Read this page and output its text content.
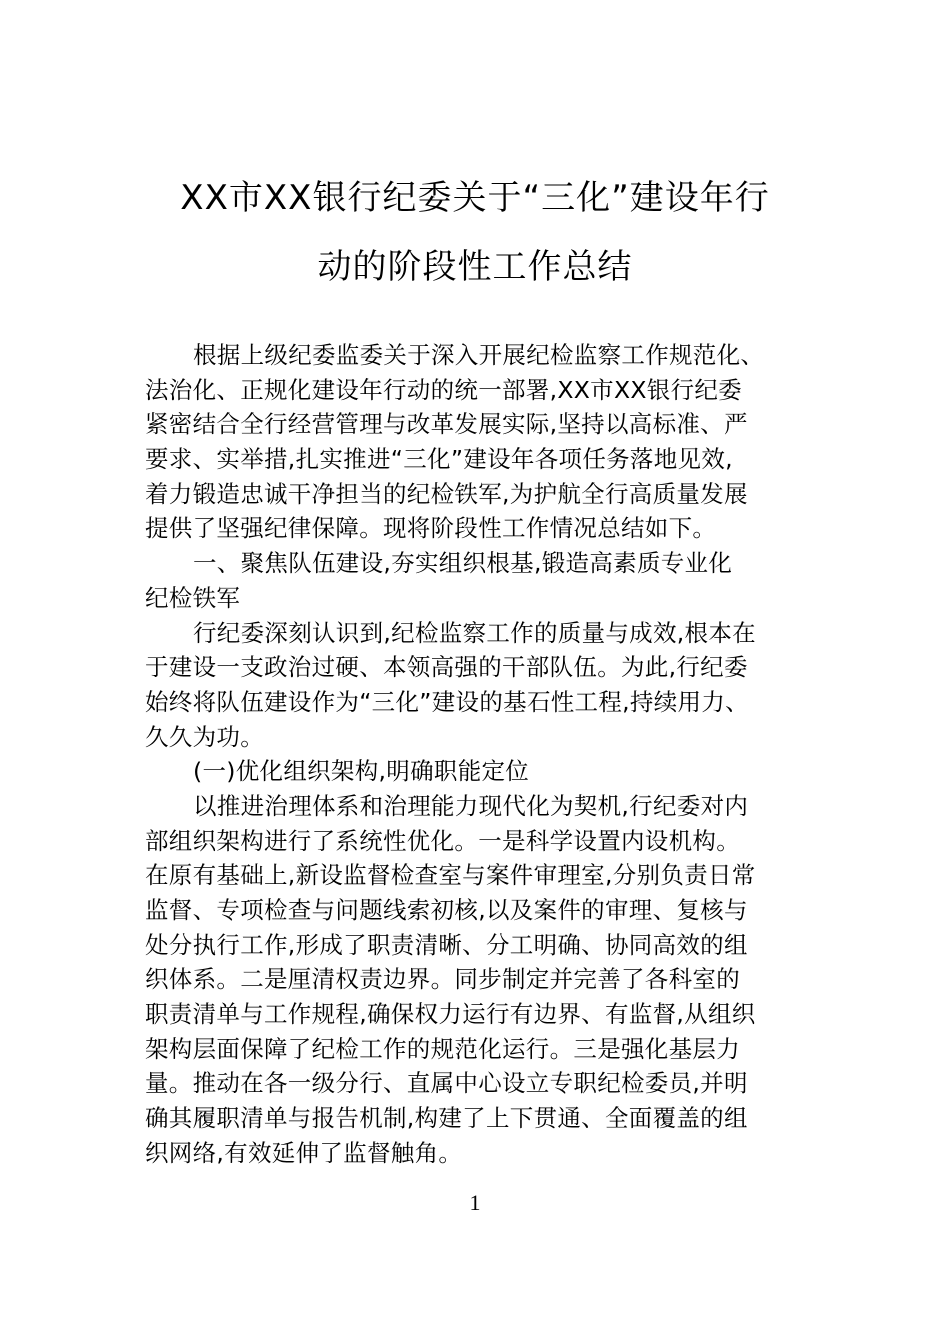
XX市XX银行纪委关于“三化”建设年行
动的阶段性工作总结
根据上级纪委监委关于深入开展纪检监察工作规范化、
法治化、正规化建设年行动的统一部署,XX市XX银行纪委
紧密结合全行经营管理与改革发展实际,坚持以高标准、严
要求、实举措,扎实推进“三化”建设年各项任务落地见效,
着力锻造忠诚干净担当的纪检铁军,为护航全行高质量发展
提供了坚强纪律保障。现将阶段性工作情况总结如下。
一、聚焦队伍建设,夯实组织根基,锻造高素质专业化
纪检铁军
行纪委深刻认识到,纪检监察工作的质量与成效,根本在
于建设一支政治过硬、本领高强的干部队伍。为此,行纪委
始终将队伍建设作为“三化”建设的基石性工程,持续用力、
久久为功。
(一)优化组织架构,明确职能定位
以推进治理体系和治理能力现代化为契机,行纪委对内
部组织架构进行了系统性优化。一是科学设置内设机构。
在原有基础上,新设监督检查室与案件审理室,分别负责日常
监督、专项检查与问题线索初核,以及案件的审理、复核与
处分执行工作,形成了职责清晰、分工明确、协同高效的组
织体系。二是厘清权责边界。同步制定并完善了各科室的
职责清单与工作规程,确保权力运行有边界、有监督,从组织
架构层面保障了纪检工作的规范化运行。三是强化基层力
量。推动在各一级分行、直属中心设立专职纪检委员,并明
确其履职清单与报告机制,构建了上下贯通、全面覆盖的组
织网络,有效延伸了监督触角。
1
